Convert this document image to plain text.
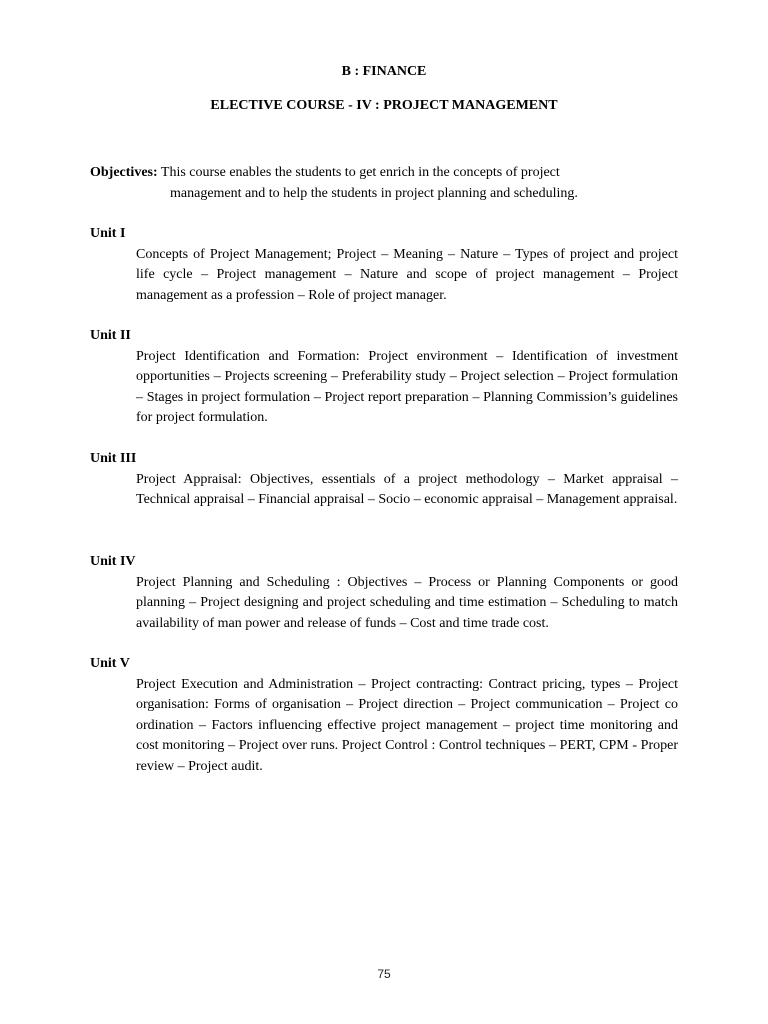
B : FINANCE

ELECTIVE COURSE - IV : PROJECT MANAGEMENT

Objectives: This course enables the students to get enrich in the concepts of project
management and to help the students in project planning and scheduling.

Unit I

Concepts of Project Management; Project – Meaning – Nature – Types of project and project life cycle – Project management – Nature and scope of project management – Project management as a profession – Role of project manager.

Unit II

Project Identification and Formation: Project environment – Identification of investment opportunities – Projects screening – Preferability study – Project selection – Project formulation – Stages in project formulation – Project report preparation – Planning Commission’s guidelines for project formulation.

Unit III

Project Appraisal: Objectives, essentials of a project methodology – Market appraisal – Technical appraisal – Financial appraisal – Socio – economic appraisal – Management appraisal.

Unit IV

Project Planning and Scheduling : Objectives – Process or Planning Components or good planning – Project designing and project scheduling and time estimation – Scheduling to match availability of man power and release of funds – Cost and time trade cost.

Unit V

Project Execution and Administration – Project contracting: Contract pricing, types – Project organisation: Forms of organisation – Project direction – Project communication – Project co ordination – Factors influencing effective project management – project time monitoring and cost monitoring – Project over runs. Project Control : Control techniques – PERT, CPM - Proper review – Project audit.

75
